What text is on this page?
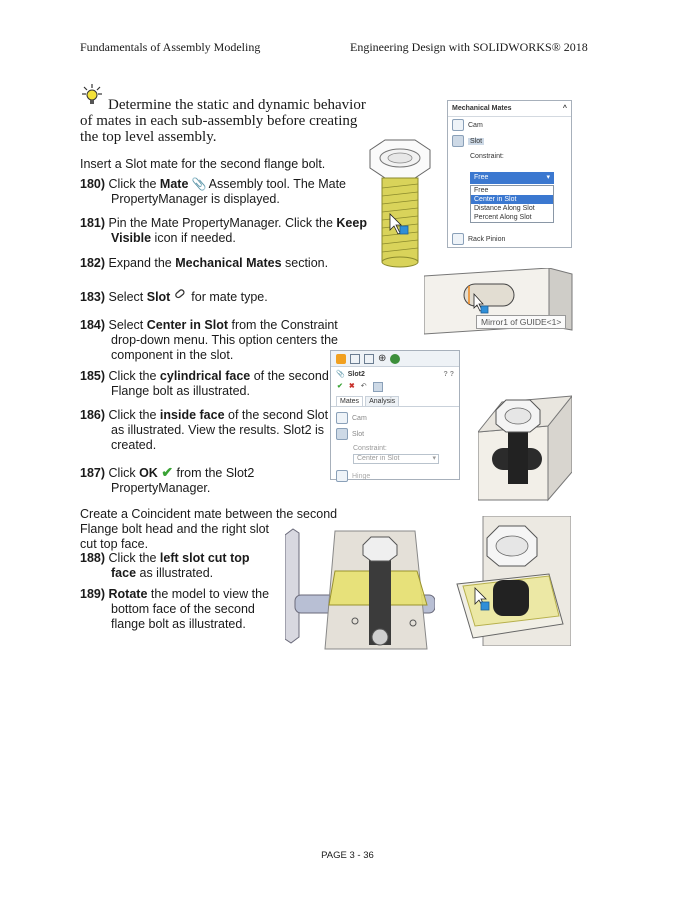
Fundamentals of Assembly Modeling	Engineering Design with SOLIDWORKS® 2018
Determine the static and dynamic behavior
of mates in each sub-assembly before creating
the top level assembly.
Insert a Slot mate for the second flange bolt.
180) Click the Mate 📎 Assembly tool. The Mate
PropertyManager is displayed.
181) Pin the Mate PropertyManager. Click the Keep
Visible icon if needed.
182) Expand the Mechanical Mates section.
183) Select Slot  for mate type.
184) Select Center in Slot from the Constraint
drop-down menu. This option centers the
component in the slot.
185) Click the cylindrical face of the second
Flange bolt as illustrated.
186) Click the inside face of the second Slot
as illustrated. View the results. Slot2 is
created.
187) Click OK ✔ from the Slot2
PropertyManager.
Create a Coincident mate between the second
Flange bolt head and the right slot
cut top face.
188) Click the left slot cut top
face as illustrated.
189) Rotate the model to view the
bottom face of the second
flange bolt as illustrated.
Mechanical Mates	^
Cam
Slot
Constraint:
Free	▾
Free
Center in Slot
Distance Along Slot
Percent Along Slot
Rack Pinion
Mirror1 of GUIDE<1>
⊕
📎 Slot2	? ?
✔ ✖ ↶
Mates	Analysis
Cam
Slot
Constraint:
Center in Slot	▾
Hinge
PAGE 3 - 36
